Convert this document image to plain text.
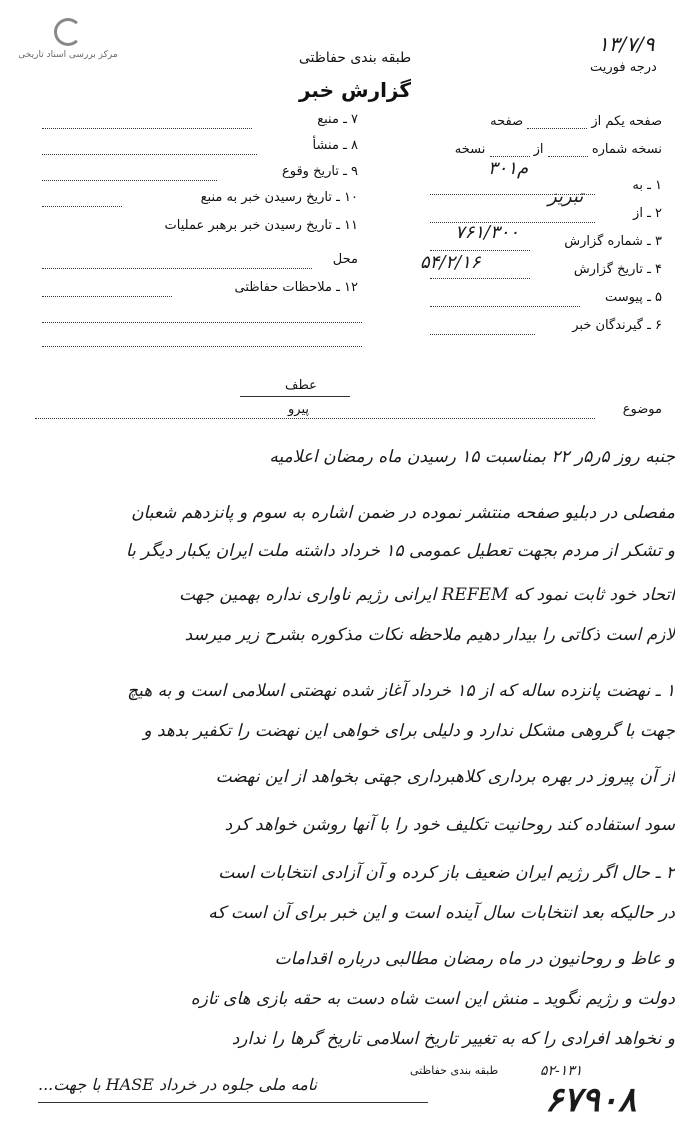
مرکز بررسی اسناد تاریخی	۱۳/۷/۹
درجه فوریت
طبقه بندی حفاظتی
گزارش خبر
صفحه یکم از  صفحه
نسخه شماره  از  نسخه
۱ ـ به
۳۰۱م
۲ ـ از
تبریز
۳ ـ شماره گزارش
۷۶۱/۳۰۰
۴ ـ تاریخ گزارش
۵۴/۲/۱۶
۵ ـ پیوست
۶ ـ گیرندگان خبر
۷ ـ منبع
۸ ـ منشأ
۹ ـ تاریخ وقوع
۱۰ ـ تاریخ رسیدن خبر به منبع
۱۱ ـ تاریخ رسیدن خبر برهبر عملیات
محل
۱۲ ـ ملاحظات حفاظتی
عطف
پیرو	موضوع
جنبه روز ۵ر۵ر ۲۲ بمناسبت ۱۵ رسیدن ماه رمضان اعلامیه
مفصلی در دبلیو صفحه منتشر نموده در ضمن اشاره به سوم و پانزدهم شعبان
و تشکر از مردم بجهت تعطیل عمومی ۱۵ خرداد داشته ملت ایران یکبار دیگر با
اتحاد خود ثابت نمود که REFEM ایرانی رژیم ناواری نداره بهمین جهت
لازم است ذکاتی را بیدار دهیم ملاحظه نکات مذکوره بشرح زیر میرسد
۱ ـ نهضت پانزده ساله که از ۱۵ خرداد آغاز شده نهضتی اسلامی است و به هیچ
جهت با گروهی مشکل ندارد و دلیلی برای خواهی این نهضت را تکفیر بدهد و
از آن پیروز در بهره برداری کلاهبرداری جهتی بخواهد از این نهضت
سود استفاده کند روحانیت تکلیف خود را با آنها روشن خواهد کرد
۲ ـ حال اگر رژیم ایران ضعیف باز کرده و آن آزادی انتخابات است
در حالیکه بعد انتخابات سال آینده است و این خبر برای آن است که
و عاظ و روحانیون در ماه رمضان مطالبی درباره اقدامات
دولت و رژیم نگوید ـ منش این است شاه دست به حقه بازی های تازه
و نخواهد افرادی را که به تغییر تاریخ اسلامی تاریخ گرها را ندارد
طبقه بندی حفاظتی	۵۲-۱۳۱
۶۷۹۰۸
نامه ملی جلوه در خرداد HASE با جهت...
